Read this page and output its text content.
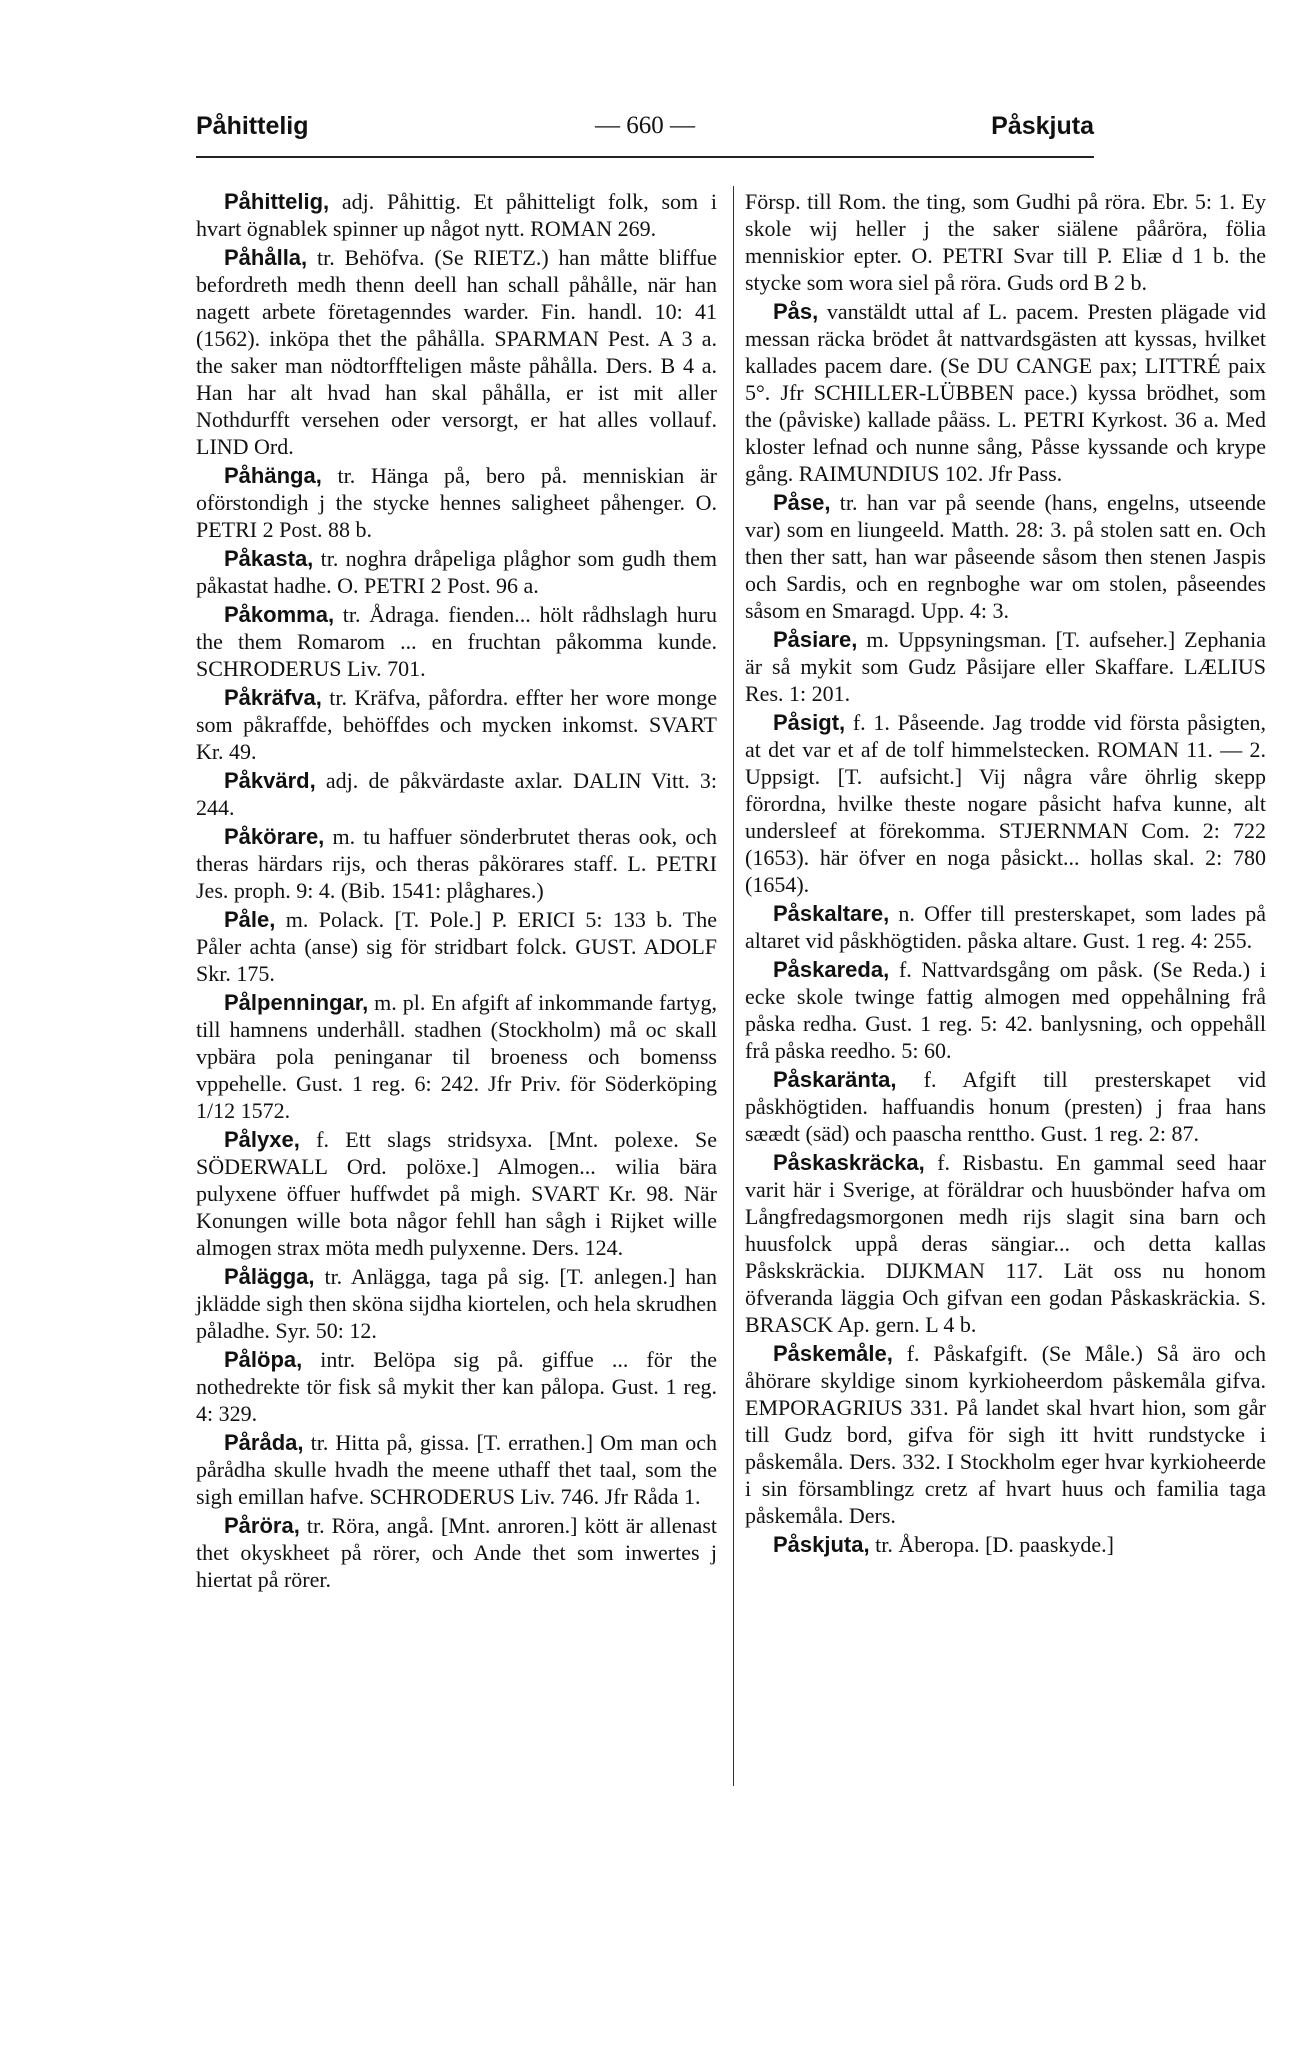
Påhittelig	— 660 —	Påskjuta

Påhittelig, adj. Påhittig. Et påhitteligt folk, som i hvart ögnablek spinner up något nytt. ROMAN 269.

Påhålla, tr. Behöfva. (Se RIETZ.) han måtte bliffue befordreth medh thenn deell han schall påhålle, när han nagett arbete företagenndes warder. Fin. handl. 10: 41 (1562). inköpa thet the påhålla. SPARMAN Pest. A 3 a. the saker man nödtorffteligen måste påhålla. Ders. B 4 a. Han har alt hvad han skal påhålla, er ist mit aller Nothdurfft versehen oder versorgt, er hat alles vollauf. LIND Ord.

Påhänga, tr. Hänga på, bero på. menniskian är oförstondigh j the stycke hennes saligheet påhenger. O. PETRI 2 Post. 88 b.

Påkasta, tr. noghra dråpeliga plåghor som gudh them påkastat hadhe. O. PETRI 2 Post. 96 a.

Påkomma, tr. Ådraga. fienden... hölt rådhslagh huru the them Romarom ... en fruchtan påkomma kunde. SCHRODERUS Liv. 701.

Påkräfva, tr. Kräfva, påfordra. effter her wore monge som påkraffde, behöffdes och mycken inkomst. SVART Kr. 49.

Påkvärd, adj. de påkvärdaste axlar. DALIN Vitt. 3: 244.

Påkörare, m. tu haffuer sönderbrutet theras ook, och theras härdars rijs, och theras påkörares staff. L. PETRI Jes. proph. 9: 4. (Bib. 1541: plåghares.)

Påle, m. Polack. [T. Pole.] P. ERICI 5: 133 b. The Påler achta (anse) sig för stridbart folck. GUST. ADOLF Skr. 175.

Pålpenningar, m. pl. En afgift af inkommande fartyg, till hamnens underhåll. stadhen (Stockholm) må oc skall vpbära pola peninganar til broeness och bomenss vppehelle. Gust. 1 reg. 6: 242. Jfr Priv. för Söderköping 1/12 1572.

Pålyxe, f. Ett slags stridsyxa. [Mnt. polexe. Se SÖDERWALL Ord. polöxe.] Almogen... wilia bära pulyxene öffuer huffwdet på migh. SVART Kr. 98. När Konungen wille bota någor fehll han sågh i Rijket wille almogen strax möta medh pulyxenne. Ders. 124.

Pålägga, tr. Anlägga, taga på sig. [T. anlegen.] han jklädde sigh then sköna sijdha kiortelen, och hela skrudhen påladhe. Syr. 50: 12.

Pålöpa, intr. Belöpa sig på. giffue ... för the nothedrekte tör fisk så mykit ther kan pålopa. Gust. 1 reg. 4: 329.

Påråda, tr. Hitta på, gissa. [T. errathen.] Om man och pårådha skulle hvadh the meene uthaff thet taal, som the sigh emillan hafve. SCHRODERUS Liv. 746. Jfr Råda 1.

Påröra, tr. Röra, angå. [Mnt. anroren.] kött är allenast thet okyskheet på rörer, och Ande thet som inwertes j hiertat på rörer.

Försp. till Rom. the ting, som Gudhi på röra. Ebr. 5: 1. Ey skole wij heller j the saker siälene pååröra, fölia menniskior epter. O. PETRI Svar till P. Eliæ d 1 b. the stycke som wora siel på röra. Guds ord B 2 b.

Pås, vanstäldt uttal af L. pacem. Presten plägade vid messan räcka brödet åt nattvardsgästen att kyssas, hvilket kallades pacem dare. (Se DU CANGE pax; LITTRÉ paix 5°. Jfr SCHILLER-LÜBBEN pace.) kyssa brödhet, som the (påviske) kallade påäss. L. PETRI Kyrkost. 36 a. Med kloster lefnad och nunne sång, Påsse kyssande och krype gång. RAIMUNDIUS 102. Jfr Pass.

Påse, tr. han var på seende (hans, engelns, utseende var) som en liungeeld. Matth. 28: 3. på stolen satt en. Och then ther satt, han war påseende såsom then stenen Jaspis och Sardis, och en regnboghe war om stolen, påseendes såsom en Smaragd. Upp. 4: 3.

Påsiare, m. Uppsyningsman. [T. aufseher.] Zephania är så mykit som Gudz Påsijare eller Skaffare. LÆLIUS Res. 1: 201.

Påsigt, f. 1. Påseende. Jag trodde vid första påsigten, at det var et af de tolf himmelstecken. ROMAN 11. — 2. Uppsigt. [T. aufsicht.] Vij några våre öhrlig skepp förordna, hvilke theste nogare påsicht hafva kunne, alt undersleef at förekomma. STJERNMAN Com. 2: 722 (1653). här öfver en noga påsickt... hollas skal. 2: 780 (1654).

Påskaltare, n. Offer till presterskapet, som lades på altaret vid påskhögtiden. påska altare. Gust. 1 reg. 4: 255.

Påskareda, f. Nattvardsgång om påsk. (Se Reda.) i ecke skole twinge fattig almogen med oppehålning frå påska redha. Gust. 1 reg. 5: 42. banlysning, och oppehåll frå påska reedho. 5: 60.

Påskaränta, f. Afgift till presterskapet vid påskhögtiden. haffuandis honum (presten) j fraa hans sæædt (säd) och paascha renttho. Gust. 1 reg. 2: 87.

Påskaskräcka, f. Risbastu. En gammal seed haar varit här i Sverige, at föräldrar och huusbönder hafva om Långfredagsmorgonen medh rijs slagit sina barn och huusfolck uppå deras sängiar... och detta kallas Påskskräckia. DIJKMAN 117. Lät oss nu honom öfveranda läggia Och gifvan een godan Påskaskräckia. S. BRASCK Ap. gern. L 4 b.

Påskemåle, f. Påskafgift. (Se Måle.) Så äro och åhörare skyldige sinom kyrkioheerdom påskemåla gifva. EMPORAGRIUS 331. På landet skal hvart hion, som går till Gudz bord, gifva för sigh itt hvitt rundstycke i påskemåla. Ders. 332. I Stockholm eger hvar kyrkioheerde i sin församblingz cretz af hvart huus och familia taga påskemåla. Ders.

Påskjuta, tr. Åberopa. [D. paaskyde.]
